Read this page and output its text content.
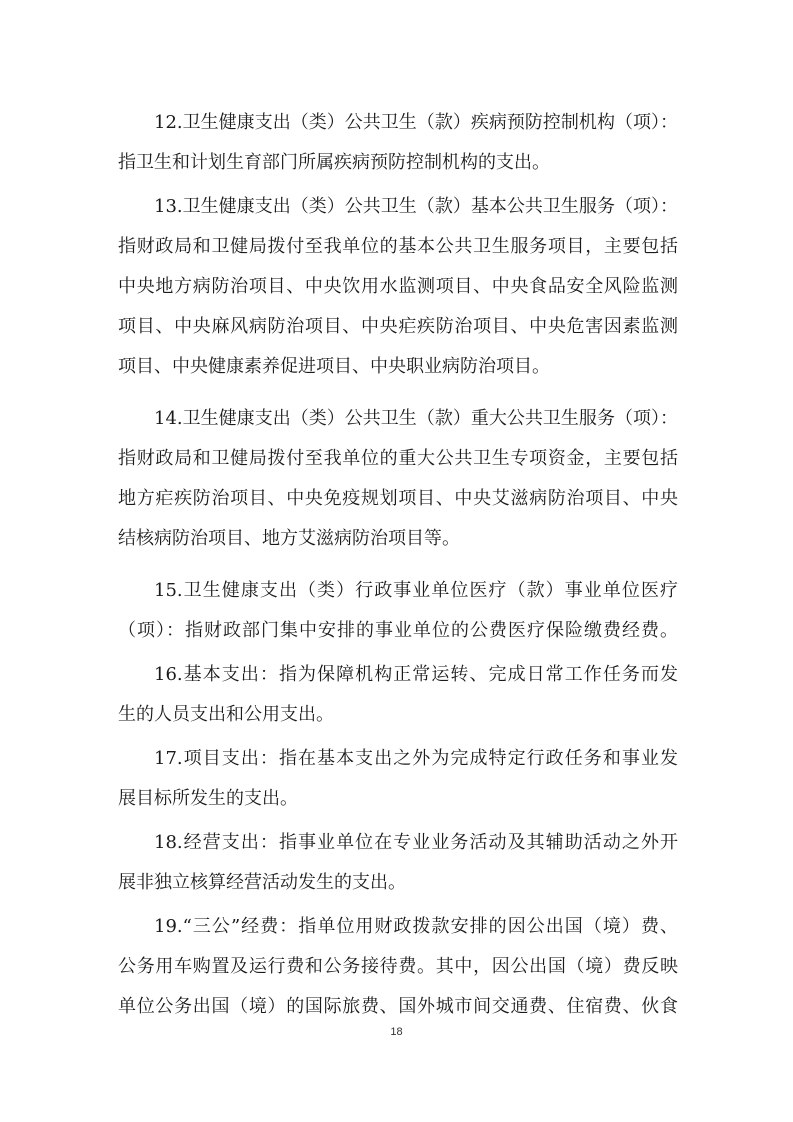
12.卫生健康支出（类）公共卫生（款）疾病预防控制机构（项）：
指卫生和计划生育部门所属疾病预防控制机构的支出。
13.卫生健康支出（类）公共卫生（款）基本公共卫生服务（项）：
指财政局和卫健局拨付至我单位的基本公共卫生服务项目，主要包括
中央地方病防治项目、中央饮用水监测项目、中央食品安全风险监测
项目、中央麻风病防治项目、中央疟疾防治项目、中央危害因素监测
项目、中央健康素养促进项目、中央职业病防治项目。
14.卫生健康支出（类）公共卫生（款）重大公共卫生服务（项）：
指财政局和卫健局拨付至我单位的重大公共卫生专项资金，主要包括
地方疟疾防治项目、中央免疫规划项目、中央艾滋病防治项目、中央
结核病防治项目、地方艾滋病防治项目等。
15.卫生健康支出（类）行政事业单位医疗（款）事业单位医疗
（项）：指财政部门集中安排的事业单位的公费医疗保险缴费经费。
16.基本支出：指为保障机构正常运转、完成日常工作任务而发
生的人员支出和公用支出。
17.项目支出：指在基本支出之外为完成特定行政任务和事业发
展目标所发生的支出。
18.经营支出：指事业单位在专业业务活动及其辅助活动之外开
展非独立核算经营活动发生的支出。
19.“三公”经费：指单位用财政拨款安排的因公出国（境）费、
公务用车购置及运行费和公务接待费。其中，因公出国（境）费反映
单位公务出国（境）的国际旅费、国外城市间交通费、住宿费、伙食
18
